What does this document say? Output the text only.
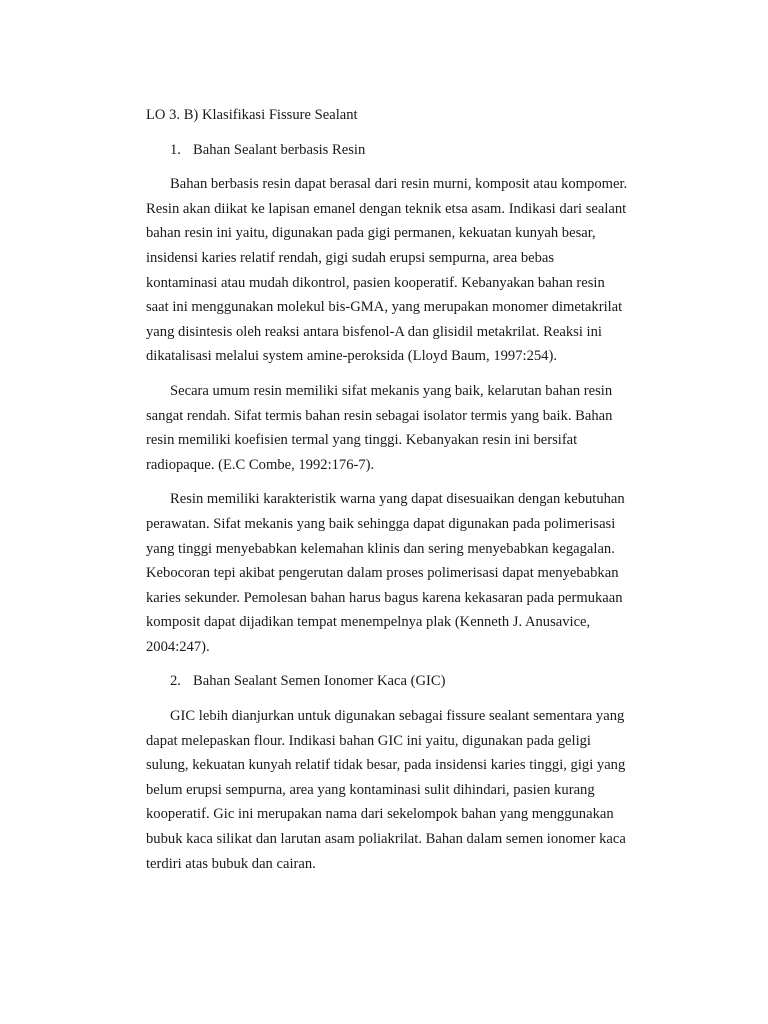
LO 3. B) Klasifikasi Fissure Sealant
1. Bahan Sealant berbasis Resin
Bahan berbasis resin dapat berasal dari resin murni, komposit atau kompomer.
Resin akan diikat ke lapisan emanel dengan teknik etsa asam. Indikasi dari sealant
bahan resin ini yaitu, digunakan pada gigi permanen, kekuatan kunyah besar,
insidensi karies relatif rendah, gigi sudah erupsi sempurna, area bebas
kontaminasi atau mudah dikontrol, pasien kooperatif. Kebanyakan bahan resin
saat ini menggunakan molekul bis-GMA, yang merupakan monomer dimetakrilat
yang disintesis oleh reaksi antara bisfenol-A dan glisidil metakrilat. Reaksi ini
dikatalisasi melalui system amine-peroksida (Lloyd Baum, 1997:254).
Secara umum resin memiliki sifat mekanis yang baik, kelarutan bahan resin
sangat rendah. Sifat termis bahan resin sebagai isolator termis yang baik. Bahan
resin memiliki koefisien termal yang tinggi. Kebanyakan resin ini bersifat
radiopaque. (E.C Combe, 1992:176-7).
Resin memiliki karakteristik warna yang dapat disesuaikan dengan kebutuhan
perawatan. Sifat mekanis yang baik sehingga dapat digunakan pada polimerisasi
yang tinggi menyebabkan kelemahan klinis dan sering menyebabkan kegagalan.
Kebocoran tepi akibat pengerutan dalam proses polimerisasi dapat menyebabkan
karies sekunder. Pemolesan bahan harus bagus karena kekasaran pada permukaan
komposit dapat dijadikan tempat menempelnya plak (Kenneth J. Anusavice,
2004:247).
2. Bahan Sealant Semen Ionomer Kaca (GIC)
GIC lebih dianjurkan untuk digunakan sebagai fissure sealant sementara yang
dapat melepaskan flour. Indikasi bahan GIC ini yaitu, digunakan pada geligi
sulung, kekuatan kunyah relatif tidak besar, pada insidensi karies tinggi, gigi yang
belum erupsi sempurna, area yang kontaminasi sulit dihindari, pasien kurang
kooperatif. Gic ini merupakan nama dari sekelompok bahan yang menggunakan
bubuk kaca silikat dan larutan asam poliakrilat. Bahan dalam semen ionomer kaca
terdiri atas bubuk dan cairan.
